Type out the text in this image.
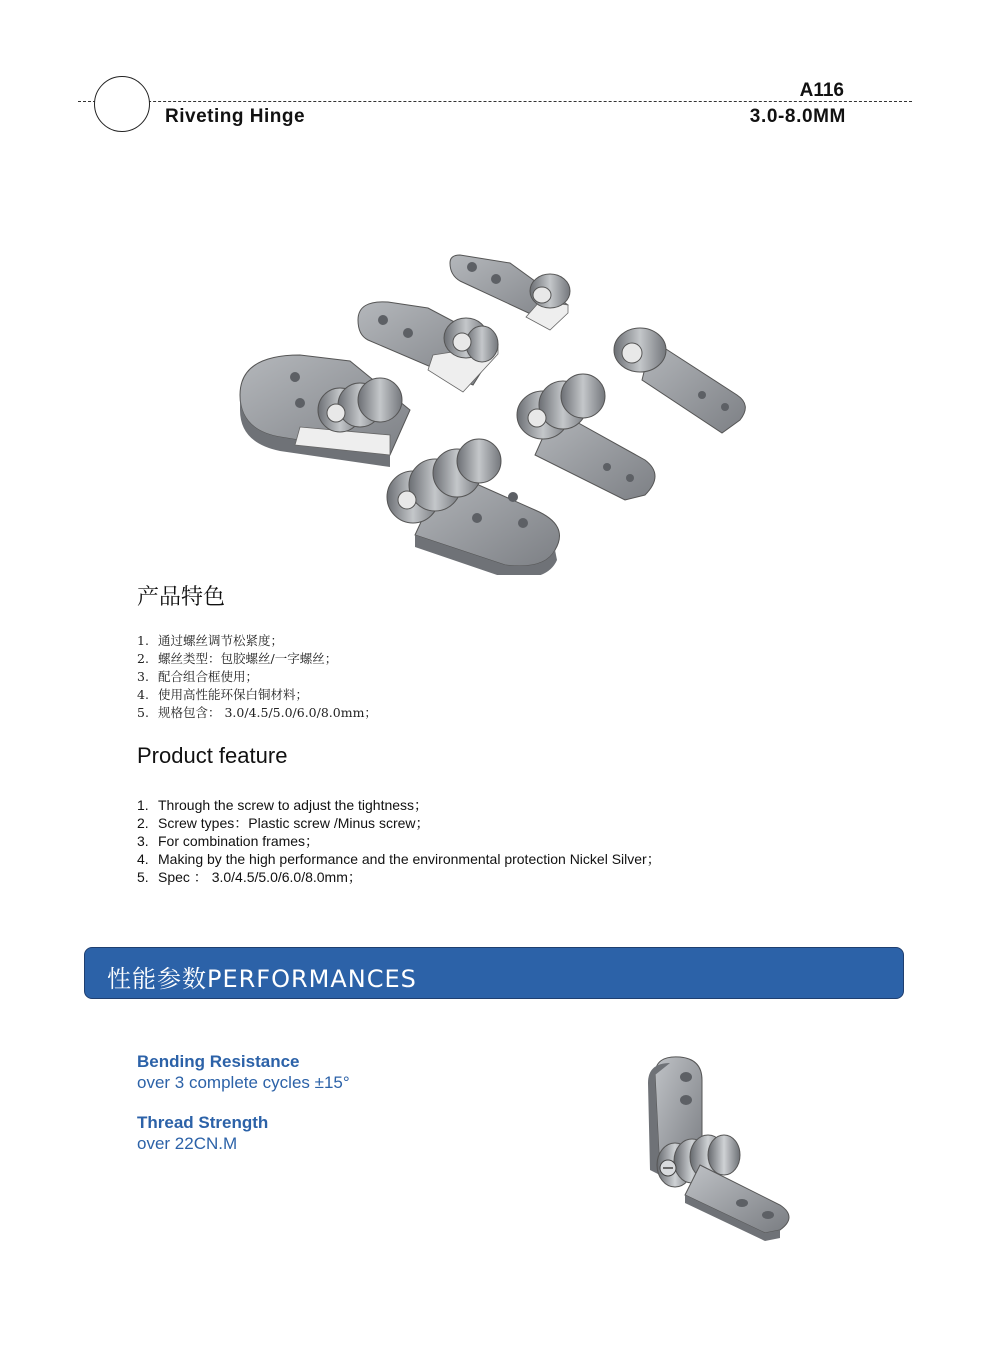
Riveting Hinge
A116
3.0-8.0MM
产品特色
1. 通过螺丝调节松紧度；
2. 螺丝类型：包胶螺丝/一字螺丝；
3. 配合组合框使用；
4. 使用高性能环保白铜材料；
5. 规格包含： 3.0/4.5/5.0/6.0/8.0mm；
Product feature
1. Through the screw to adjust the tightness；
2. Screw types：Plastic screw /Minus screw；
3. For combination frames；
4. Making by the high performance and the environmental protection Nickel Silver；
5. Spec ： 3.0/4.5/5.0/6.0/8.0mm；
性能参数PERFORMANCES
Bending Resistance
over 3 complete cycles ±15°
Thread Strength
over 22CN.M
